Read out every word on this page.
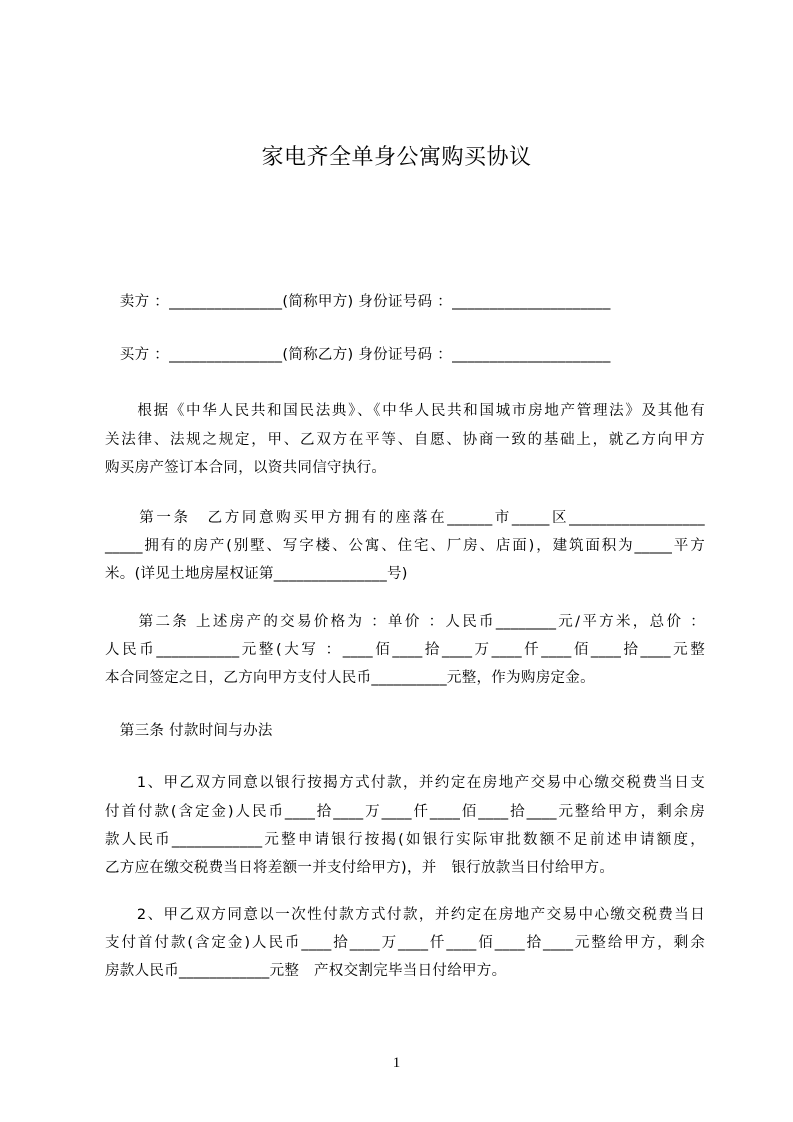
家电齐全单身公寓购买协议
　卖方 ：_______________(简称甲方) 身份证号码 ：_____________________
　买方 ：_______________(简称乙方) 身份证号码 ：_____________________
　　根据《中华人民共和国民法典》、《中华人民共和国城市房地产管理法》及其他有
关法律、法规之规定，甲、乙双方在平等、自愿、协商一致的基础上，就乙方向甲方
购买房产签订本合同，以资共同信守执行。
　　第一条　乙方同意购买甲方拥有的座落在______市_____区__________________
_____拥有的房产(别墅、写字楼、公寓、住宅、厂房、店面)，建筑面积为_____平方
米。(详见土地房屋权证第_______________号)
　　第二条 上述房产的交易价格为 ：单价 ：人民币________元/平方米，总价 ：
人民币___________元整(大写 ：____佰____拾____万____仟____佰____拾____元整
本合同签定之日，乙方向甲方支付人民币__________元整，作为购房定金。
　第三条 付款时间与办法
　　1、甲乙双方同意以银行按揭方式付款，并约定在房地产交易中心缴交税费当日支
付首付款(含定金)人民币____拾____万____仟____佰____拾____元整给甲方，剩余房
款人民币____________元整申请银行按揭(如银行实际审批数额不足前述申请额度，
乙方应在缴交税费当日将差额一并支付给甲方)，并　银行放款当日付给甲方。
　　2、甲乙双方同意以一次性付款方式付款，并约定在房地产交易中心缴交税费当日
支付首付款(含定金)人民币____拾____万____仟____佰____拾____元整给甲方，剩余
房款人民币____________元整　产权交割完毕当日付给甲方。
1
